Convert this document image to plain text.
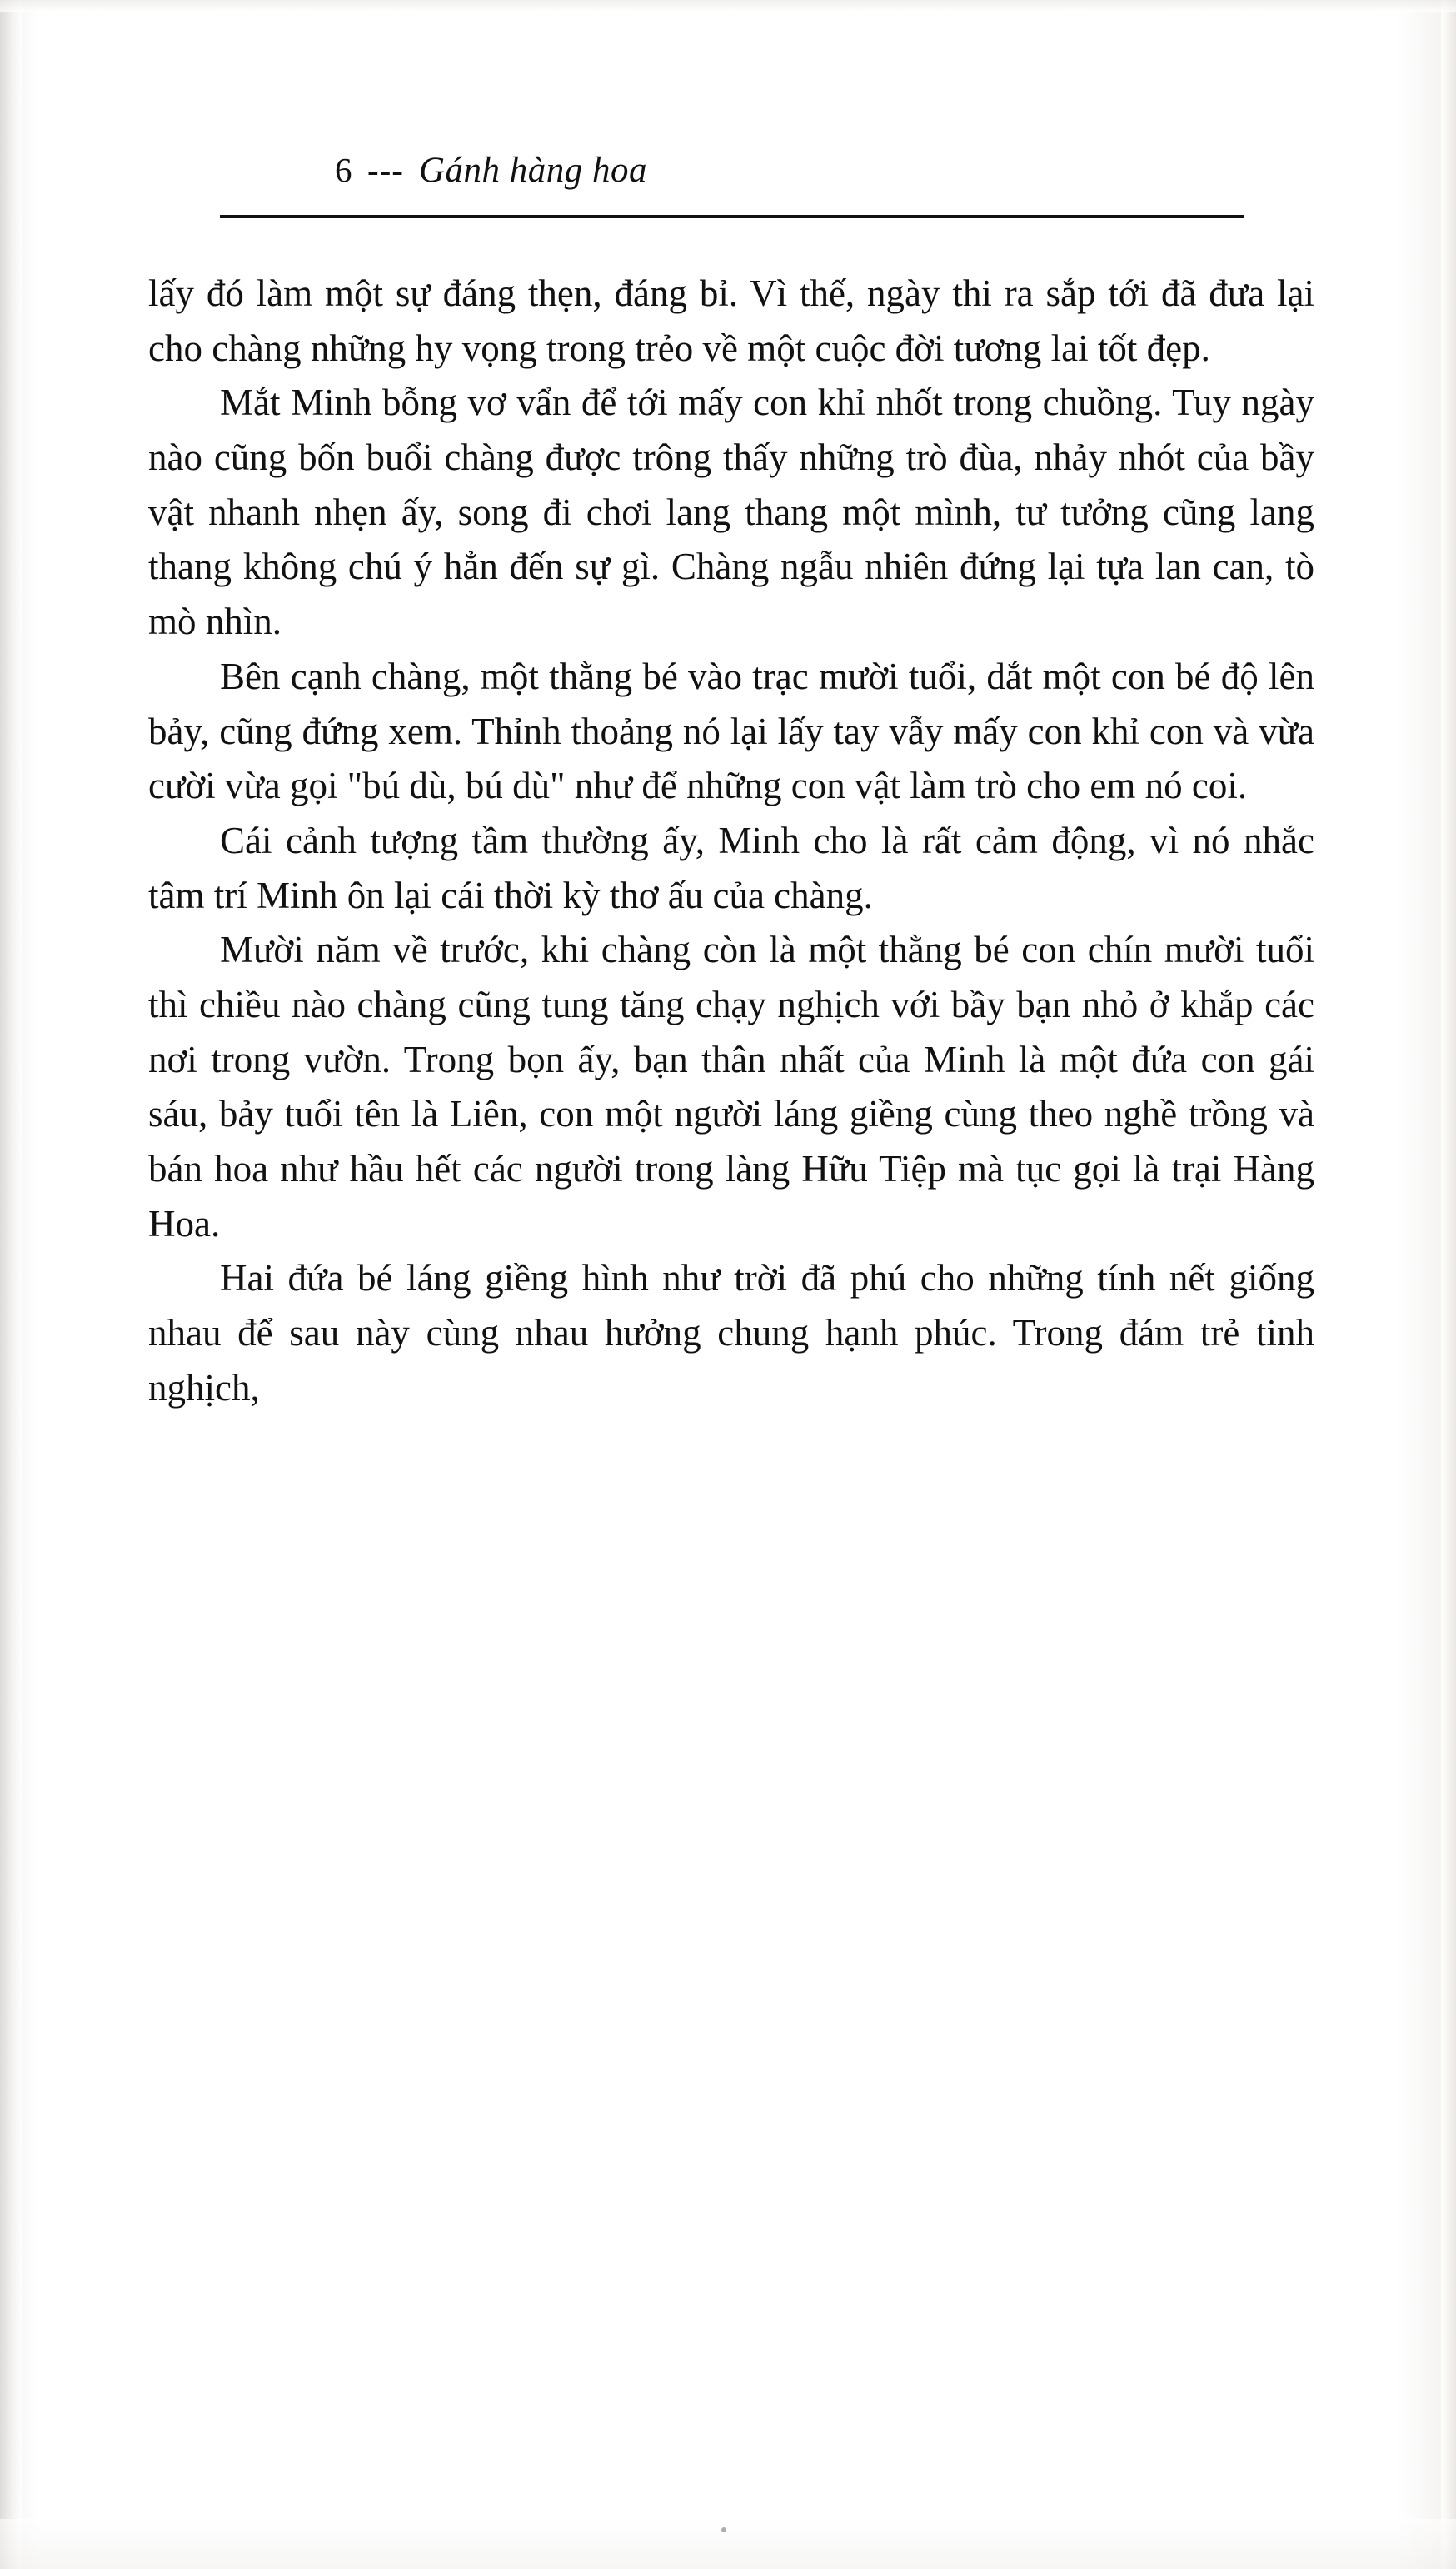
6 --- Gánh hàng hoa

lấy đó làm một sự đáng thẹn, đáng bỉ. Vì thế, ngày thi ra sắp tới đã đưa lại cho chàng những hy vọng trong trẻo về một cuộc đời tương lai tốt đẹp.

Mắt Minh bỗng vơ vẩn để tới mấy con khỉ nhốt trong chuồng. Tuy ngày nào cũng bốn buổi chàng được trông thấy những trò đùa, nhảy nhót của bầy vật nhanh nhẹn ấy, song đi chơi lang thang một mình, tư tưởng cũng lang thang không chú ý hẳn đến sự gì. Chàng ngẫu nhiên đứng lại tựa lan can, tò mò nhìn.

Bên cạnh chàng, một thằng bé vào trạc mười tuổi, dắt một con bé độ lên bảy, cũng đứng xem. Thỉnh thoảng nó lại lấy tay vẫy mấy con khỉ con và vừa cười vừa gọi "bú dù, bú dù" như để những con vật làm trò cho em nó coi.

Cái cảnh tượng tầm thường ấy, Minh cho là rất cảm động, vì nó nhắc tâm trí Minh ôn lại cái thời kỳ thơ ấu của chàng.

Mười năm về trước, khi chàng còn là một thằng bé con chín mười tuổi thì chiều nào chàng cũng tung tăng chạy nghịch với bầy bạn nhỏ ở khắp các nơi trong vườn. Trong bọn ấy, bạn thân nhất của Minh là một đứa con gái sáu, bảy tuổi tên là Liên, con một người láng giềng cùng theo nghề trồng và bán hoa như hầu hết các người trong làng Hữu Tiệp mà tục gọi là trại Hàng Hoa.

Hai đứa bé láng giềng hình như trời đã phú cho những tính nết giống nhau để sau này cùng nhau hưởng chung hạnh phúc. Trong đám trẻ tinh nghịch,
